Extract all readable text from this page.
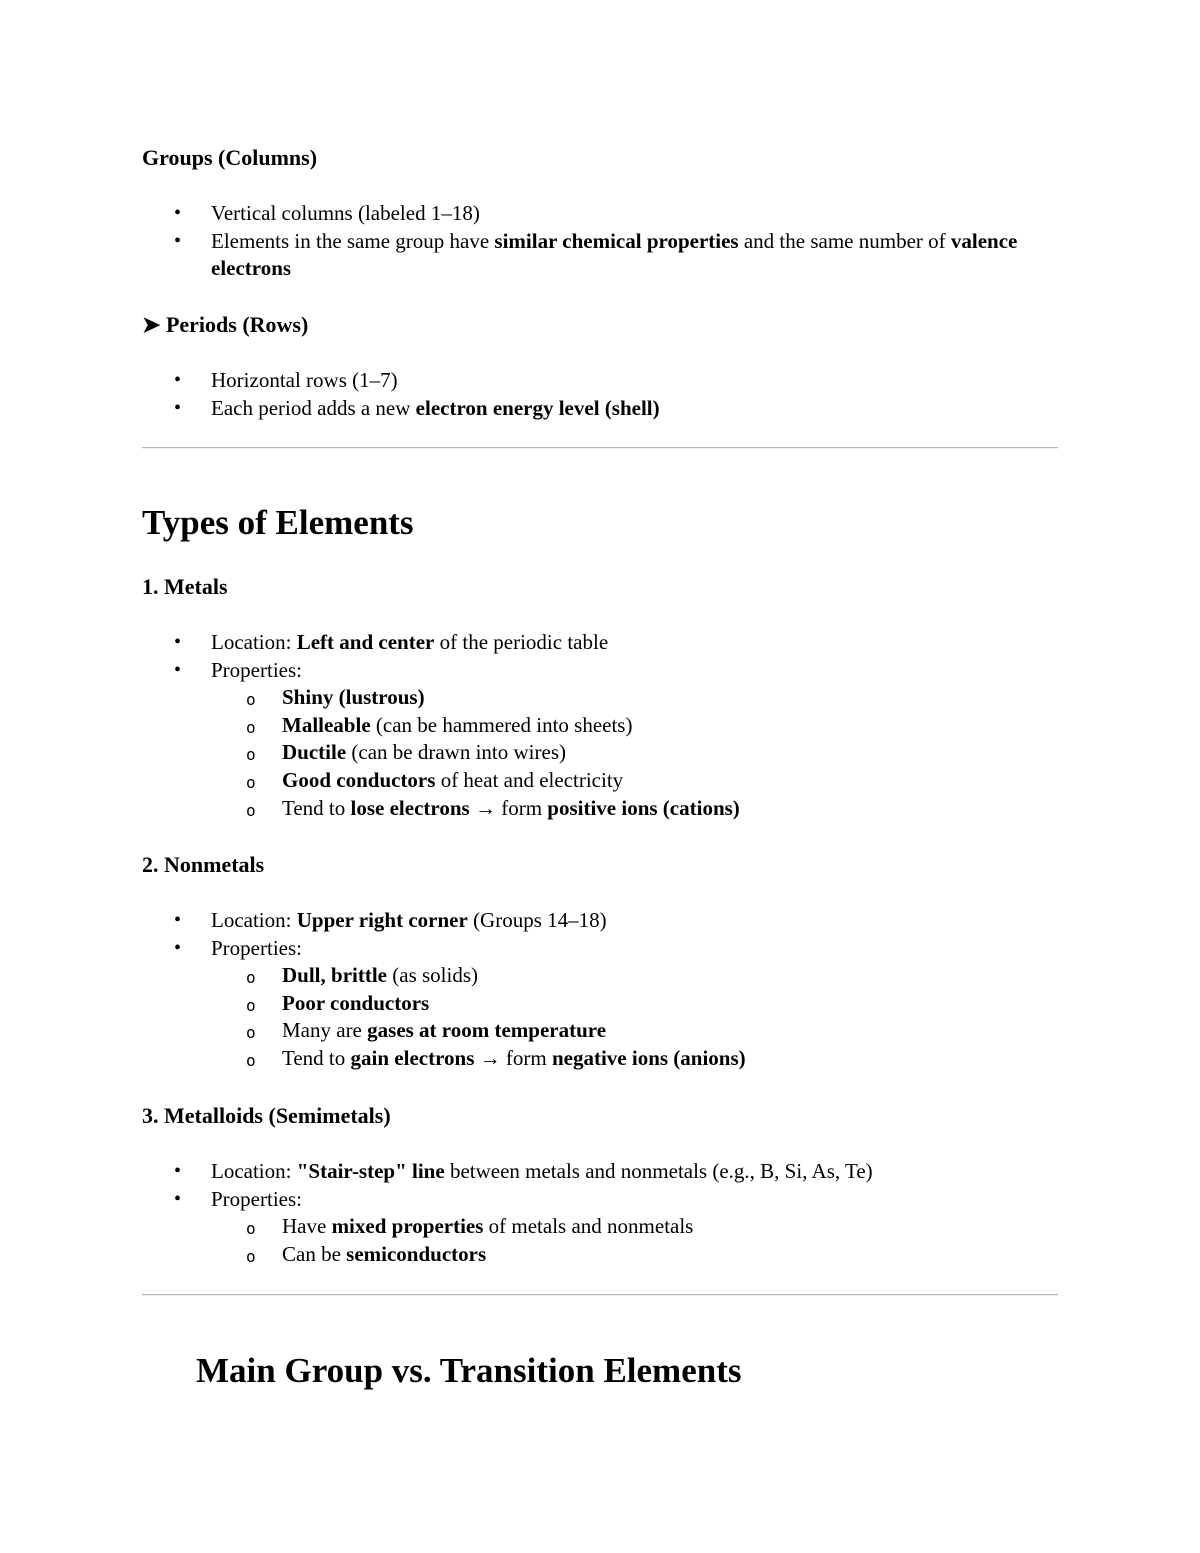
Groups (Columns)
• Vertical columns (labeled 1–18)
• Elements in the same group have similar chemical properties and the same number of valence electrons
➤ Periods (Rows)
• Horizontal rows (1–7)
• Each period adds a new electron energy level (shell)
Types of Elements
1. Metals
• Location: Left and center of the periodic table
• Properties:
o Shiny (lustrous)
o Malleable (can be hammered into sheets)
o Ductile (can be drawn into wires)
o Good conductors of heat and electricity
o Tend to lose electrons → form positive ions (cations)
2. Nonmetals
• Location: Upper right corner (Groups 14–18)
• Properties:
o Dull, brittle (as solids)
o Poor conductors
o Many are gases at room temperature
o Tend to gain electrons → form negative ions (anions)
3. Metalloids (Semimetals)
• Location: "Stair-step" line between metals and nonmetals (e.g., B, Si, As, Te)
• Properties:
o Have mixed properties of metals and nonmetals
o Can be semiconductors
Main Group vs. Transition Elements
